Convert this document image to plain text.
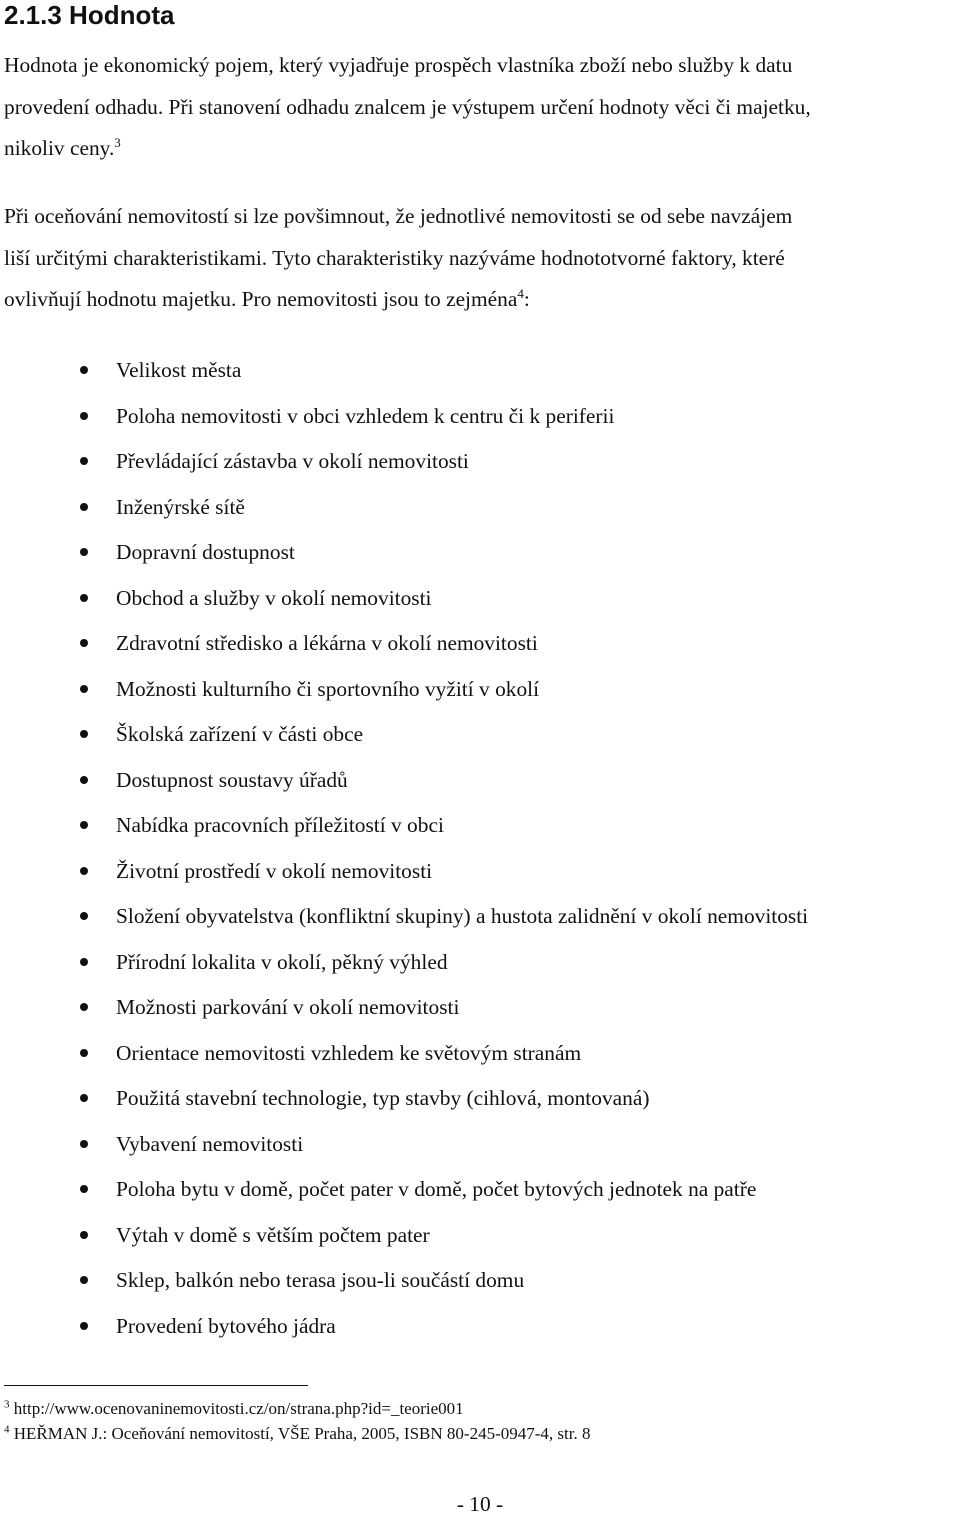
2.1.3 Hodnota

Hodnota je ekonomický pojem, který vyjadřuje prospěch vlastníka zboží nebo služby k datu
provedení odhadu. Při stanovení odhadu znalcem je výstupem určení hodnoty věci či majetku,
nikoliv ceny.$^3$

Při oceňování nemovitostí si lze povšimnout, že jednotlivé nemovitosti se od sebe navzájem
liší určitými charakteristikami. Tyto charakteristiky nazýváme hodnototvorné faktory, které
ovlivňují hodnotu majetku. Pro nemovitosti jsou to zejména$^4$:

Velikost města
Poloha nemovitosti v obci vzhledem k centru či k periferii
Převládající zástavba v okolí nemovitosti
Inženýrské sítě
Dopravní dostupnost
Obchod a služby v okolí nemovitosti
Zdravotní středisko a lékárna v okolí nemovitosti
Možnosti kulturního či sportovního vyžití v okolí
Školská zařízení v části obce
Dostupnost soustavy úřadů
Nabídka pracovních příležitostí v obci
Životní prostředí v okolí nemovitosti
Složení obyvatelstva (konfliktní skupiny) a hustota zalidnění v okolí nemovitosti
Přírodní lokalita v okolí, pěkný výhled
Možnosti parkování v okolí nemovitosti
Orientace nemovitosti vzhledem ke světovým stranám
Použitá stavební technologie, typ stavby (cihlová, montovaná)
Vybavení nemovitosti
Poloha bytu v domě, počet pater v domě, počet bytových jednotek na patře
Výtah v domě s větším počtem pater
Sklep, balkón nebo terasa jsou-li součástí domu
Provedení bytového jádra
$^3$ http://www.ocenovaninemovitosti.cz/on/strana.php?id=_teorie001
$^4$ HEŘMAN J.: Oceňování nemovitostí, VŠE Praha, 2005, ISBN 80-245-0947-4, str. 8
- 10 -
